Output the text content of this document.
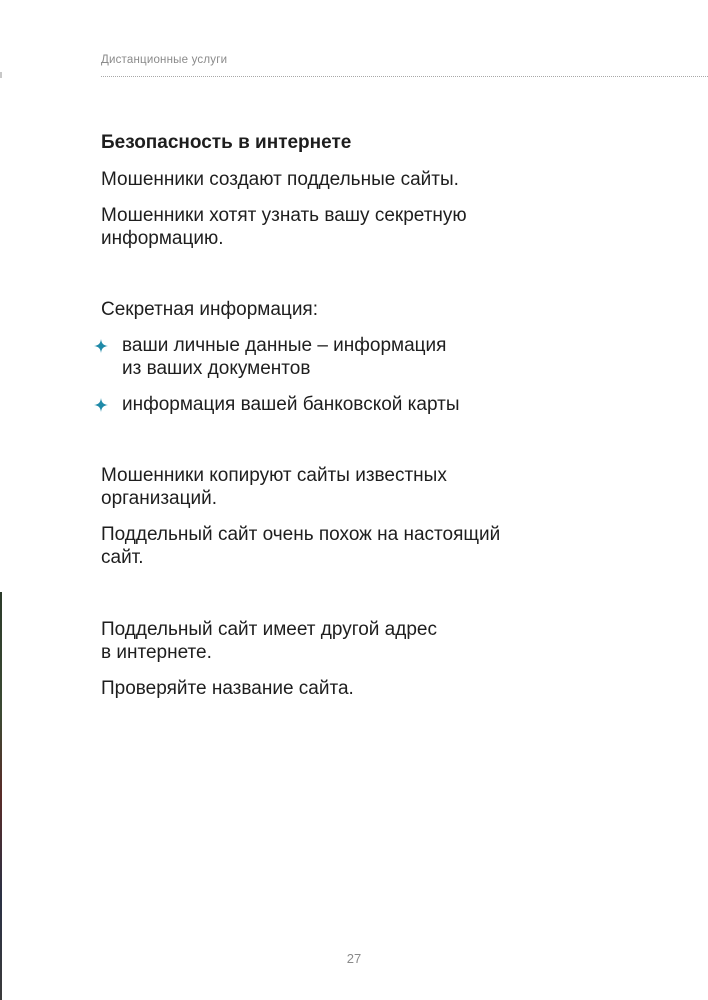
Дистанционные услуги
Безопасность в интернете
Мошенники создают поддельные сайты.
Мошенники хотят узнать вашу секретную
информацию.
Секретная информация:
ваши личные данные – информация
из ваших документов
информация вашей банковской карты
Мошенники копируют сайты известных
организаций.
Поддельный сайт очень похож на настоящий
сайт.
Поддельный сайт имеет другой адрес
в интернете.
Проверяйте название сайта.
27
